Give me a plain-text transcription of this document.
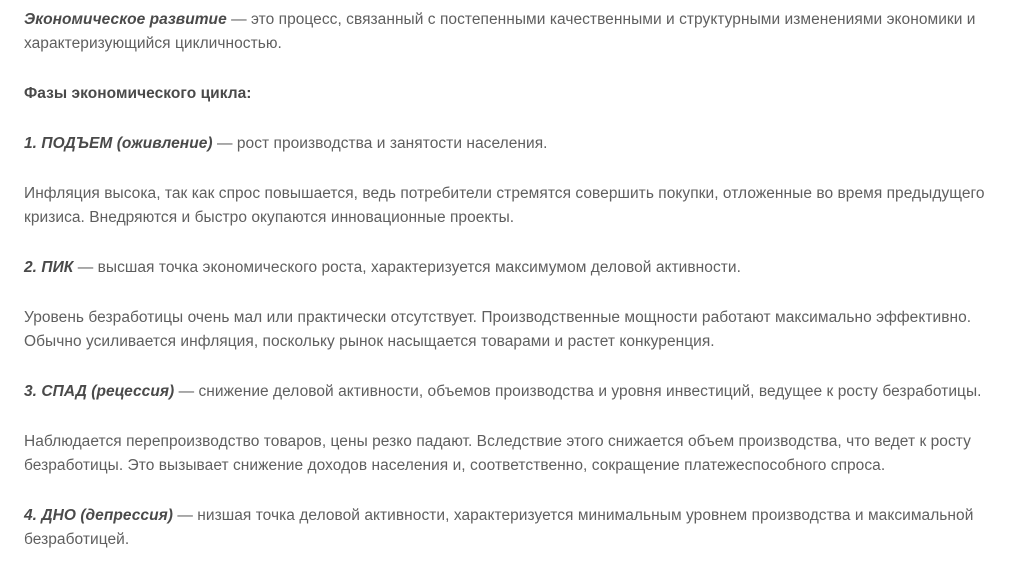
Экономическое развитие — это процесс, связанный с постепенными качественными и структурными изменениями экономики и характеризующийся цикличностью.

Фазы экономического цикла:

1. ПОДЪЕМ (оживление) — рост производства и занятости населения.

Инфляция высока, так как спрос повышается, ведь потребители стремятся совершить покупки, отложенные во время предыдущего кризиса. Внедряются и быстро окупаются инновационные проекты.

2. ПИК — высшая точка экономического роста, характеризуется максимумом деловой активности.

Уровень безработицы очень мал или практически отсутствует. Производственные мощности работают максимально эффективно. Обычно усиливается инфляция, поскольку рынок насыщается товарами и растет конкуренция.

3. СПАД (рецессия) — снижение деловой активности, объемов производства и уровня инвестиций, ведущее к росту безработицы.

Наблюдается перепроизводство товаров, цены резко падают. Вследствие этого снижается объем производства, что ведет к росту безработицы. Это вызывает снижение доходов населения и, соответственно, сокращение платежеспособного спроса.

4. ДНО (депрессия) — низшая точка деловой активности, характеризуется минимальным уровнем производства и максимальной безработицей.
